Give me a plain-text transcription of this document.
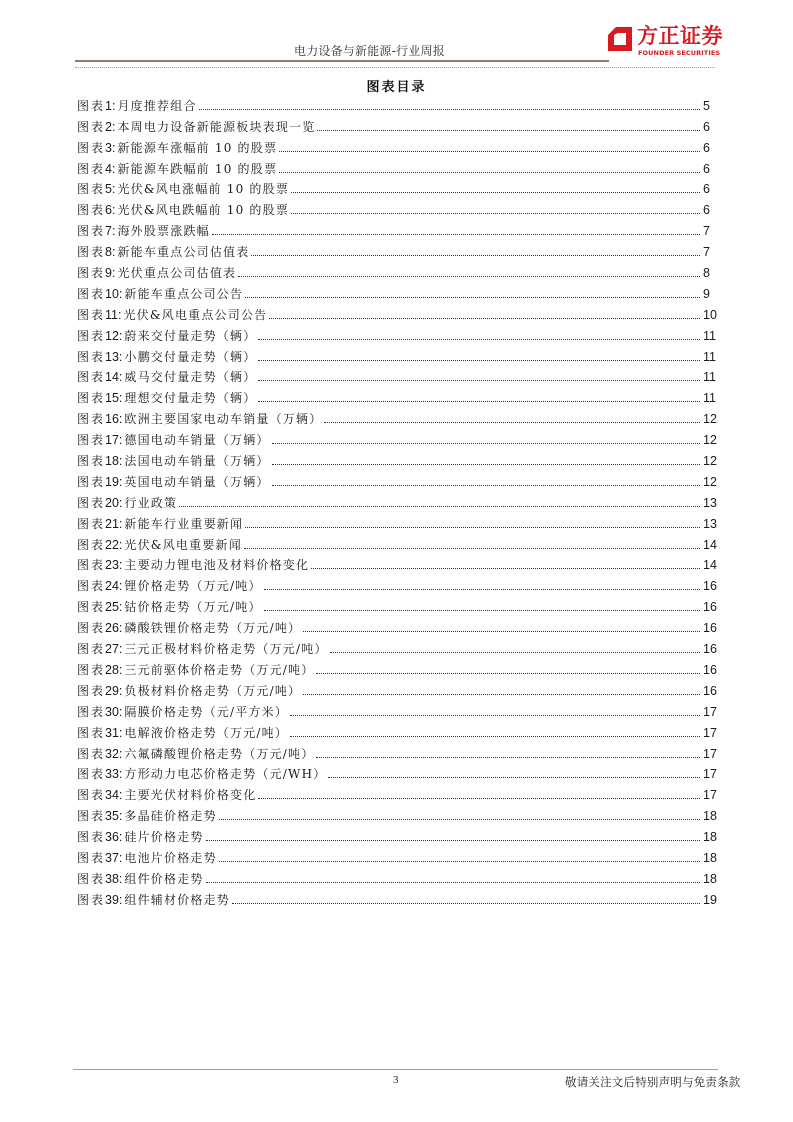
电力设备与新能源-行业周报
方正证券
FOUNDER SECURITIES
图表目录
图表 1: 月度推荐组合	5
图表 2: 本周电力设备新能源板块表现一览	6
图表 3: 新能源车涨幅前 10 的股票	6
图表 4: 新能源车跌幅前 10 的股票	6
图表 5: 光伏&风电涨幅前 10 的股票	6
图表 6: 光伏&风电跌幅前 10 的股票	6
图表 7: 海外股票涨跌幅	7
图表 8: 新能车重点公司估值表	7
图表 9: 光伏重点公司估值表	8
图表 10: 新能车重点公司公告	9
图表 11: 光伏&风电重点公司公告	10
图表 12: 蔚来交付量走势（辆）	11
图表 13: 小鹏交付量走势（辆）	11
图表 14: 威马交付量走势（辆）	11
图表 15: 理想交付量走势（辆）	11
图表 16: 欧洲主要国家电动车销量（万辆）	12
图表 17: 德国电动车销量（万辆）	12
图表 18: 法国电动车销量（万辆）	12
图表 19: 英国电动车销量（万辆）	12
图表 20: 行业政策	13
图表 21: 新能车行业重要新闻	13
图表 22: 光伏&风电重要新闻	14
图表 23: 主要动力锂电池及材料价格变化	14
图表 24: 锂价格走势（万元/吨）	16
图表 25: 钴价格走势（万元/吨）	16
图表 26: 磷酸铁锂价格走势（万元/吨）	16
图表 27: 三元正极材料价格走势（万元/吨）	16
图表 28: 三元前驱体价格走势（万元/吨）	16
图表 29: 负极材料价格走势（万元/吨）	16
图表 30: 隔膜价格走势（元/平方米）	17
图表 31: 电解液价格走势（万元/吨）	17
图表 32: 六氟磷酸锂价格走势（万元/吨）	17
图表 33: 方形动力电芯价格走势（元/WH）	17
图表 34: 主要光伏材料价格变化	17
图表 35: 多晶硅价格走势	18
图表 36: 硅片价格走势	18
图表 37: 电池片价格走势	18
图表 38: 组件价格走势	18
图表 39: 组件辅材价格走势	19
3	敬请关注文后特别声明与免责条款
